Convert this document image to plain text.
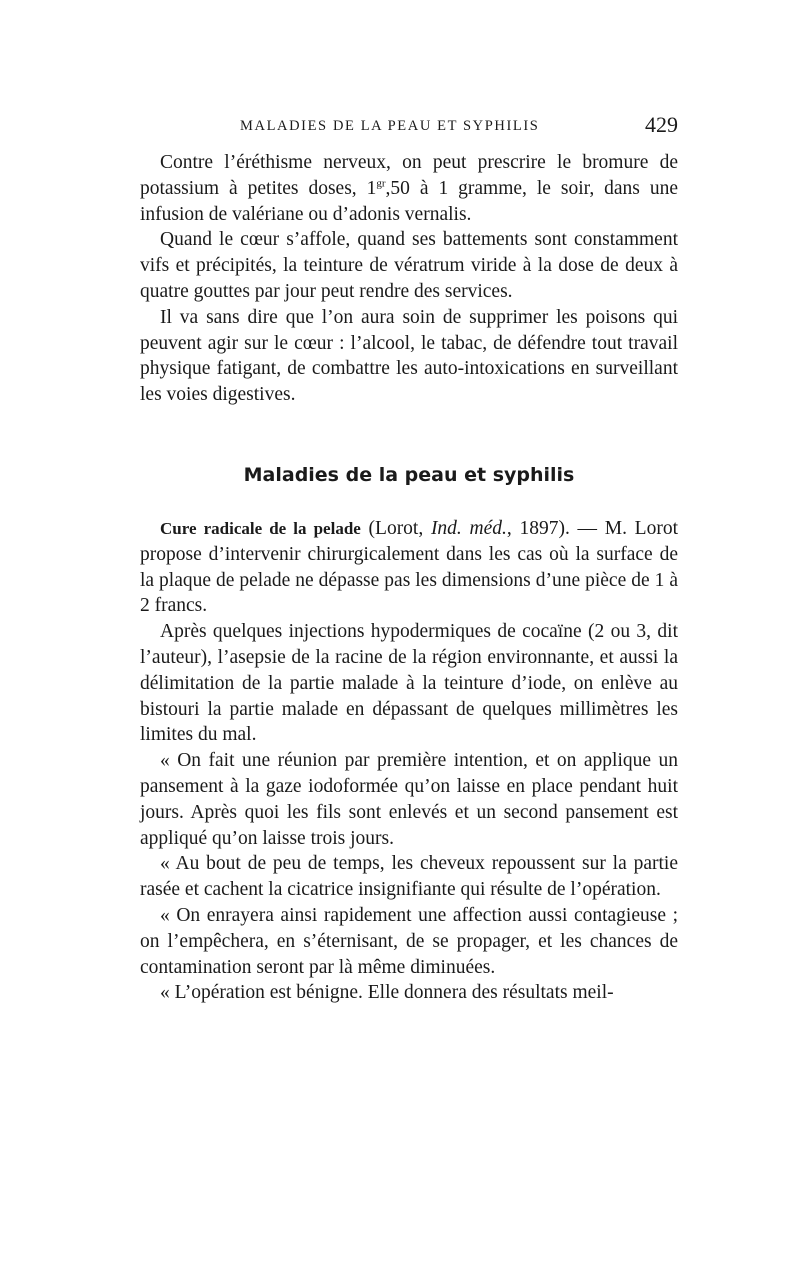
MALADIES DE LA PEAU ET SYPHILIS	429

Contre l’éréthisme nerveux, on peut prescrire le bromure de potassium à petites doses, $1^{gr},50$ à 1 gramme, le soir, dans une infusion de valériane ou d’adonis vernalis.

Quand le cœur s’affole, quand ses battements sont constamment vifs et précipités, la teinture de vératrum viride à la dose de deux à quatre gouttes par jour peut rendre des services.

Il va sans dire que l’on aura soin de supprimer les poisons qui peuvent agir sur le cœur : l’alcool, le tabac, de défendre tout travail physique fatigant, de combattre les auto-intoxications en surveillant les voies digestives.

Maladies de la peau et syphilis

Cure radicale de la pelade (Lorot, Ind. méd., 1897). — M. Lorot propose d’intervenir chirurgicalement dans les cas où la surface de la plaque de pelade ne dépasse pas les dimensions d’une pièce de 1 à 2 francs.

Après quelques injections hypodermiques de cocaïne (2 ou 3, dit l’auteur), l’asepsie de la racine de la région environnante, et aussi la délimitation de la partie malade à la teinture d’iode, on enlève au bistouri la partie malade en dépassant de quelques millimètres les limites du mal.

« On fait une réunion par première intention, et on applique un pansement à la gaze iodoformée qu’on laisse en place pendant huit jours. Après quoi les fils sont enlevés et un second pansement est appliqué qu’on laisse trois jours.

« Au bout de peu de temps, les cheveux repoussent sur la partie rasée et cachent la cicatrice insignifiante qui résulte de l’opération.

« On enrayera ainsi rapidement une affection aussi contagieuse ; on l’empêchera, en s’éternisant, de se propager, et les chances de contamination seront par là même diminuées.

« L’opération est bénigne. Elle donnera des résultats meil-
